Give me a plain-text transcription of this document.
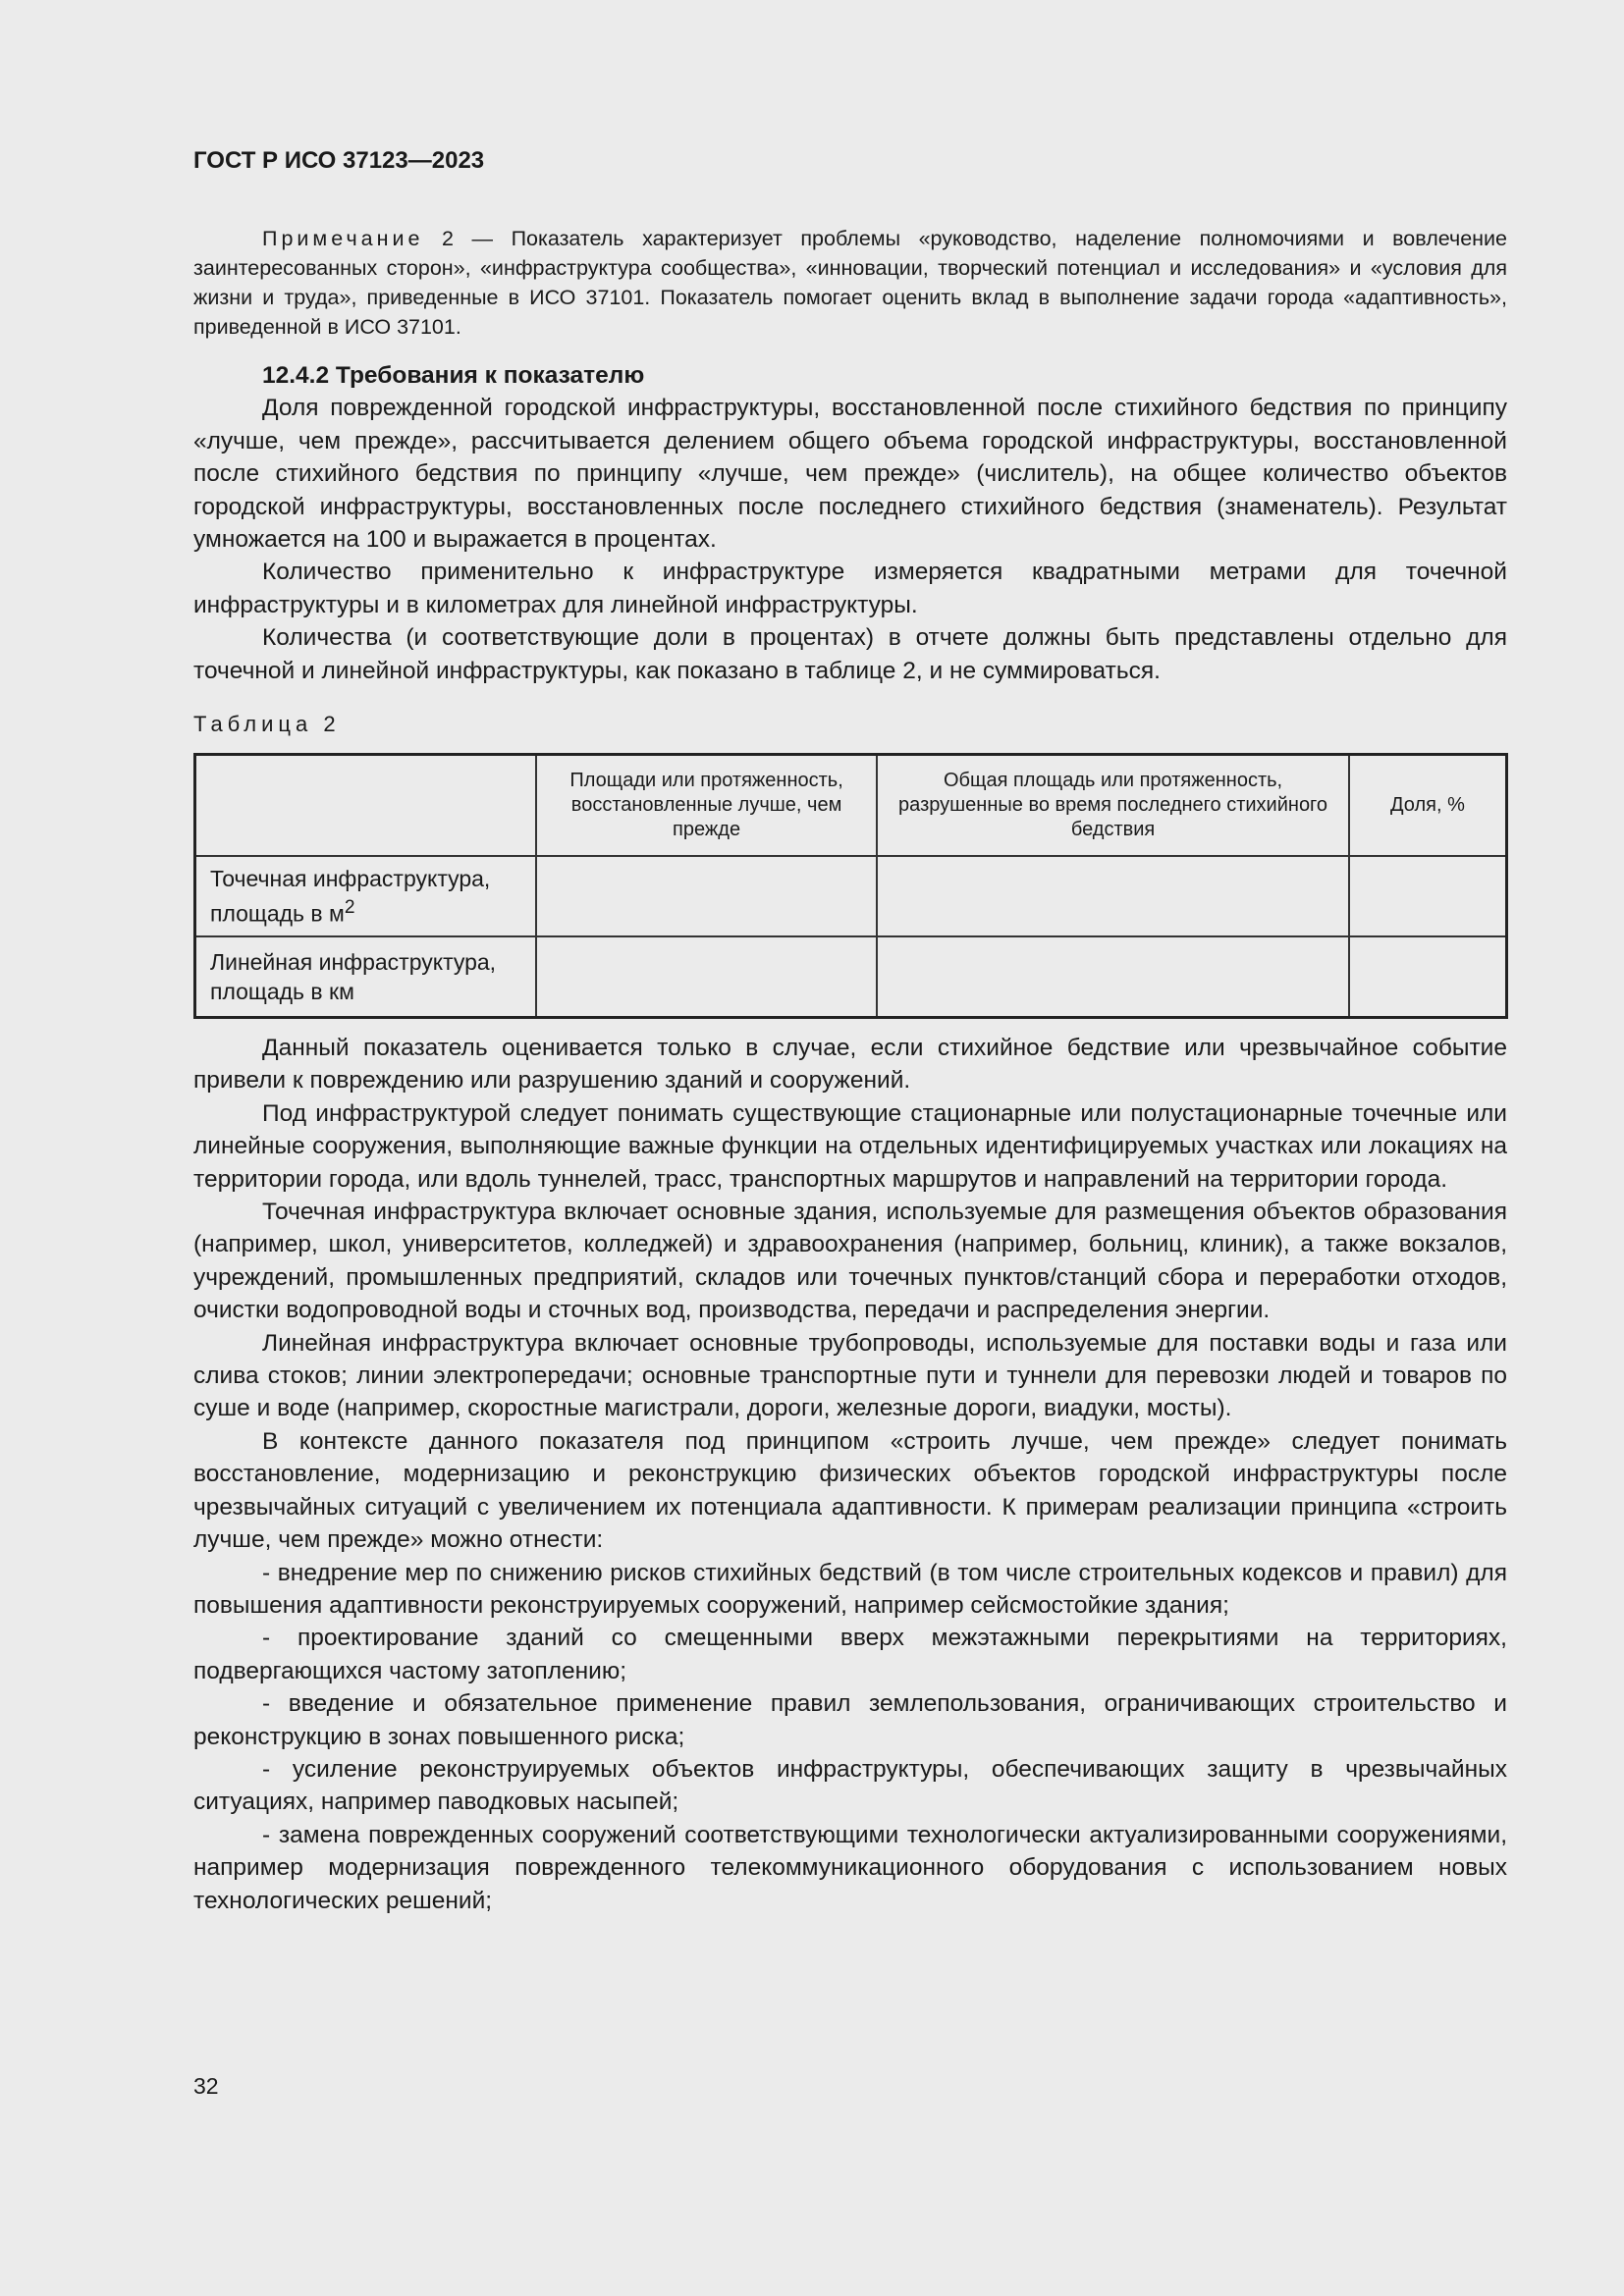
ГОСТ Р ИСО 37123—2023

Примечание 2 — Показатель характеризует проблемы «руководство, наделение полномочиями и вовлечение заинтересованных сторон», «инфраструктура сообщества», «инновации, творческий потенциал и исследования» и «условия для жизни и труда», приведенные в ИСО 37101. Показатель помогает оценить вклад в выполнение задачи города «адаптивность», приведенной в ИСО 37101.

12.4.2 Требования к показателю

Доля поврежденной городской инфраструктуры, восстановленной после стихийного бедствия по принципу «лучше, чем прежде», рассчитывается делением общего объема городской инфраструктуры, восстановленной после стихийного бедствия по принципу «лучше, чем прежде» (числитель), на общее количество объектов городской инфраструктуры, восстановленных после последнего стихийного бедствия (знаменатель). Результат умножается на 100 и выражается в процентах.

Количество применительно к инфраструктуре измеряется квадратными метрами для точечной инфраструктуры и в километрах для линейной инфраструктуры.

Количества (и соответствующие доли в процентах) в отчете должны быть представлены отдельно для точечной и линейной инфраструктуры, как показано в таблице 2, и не суммироваться.

Таблица 2
	Площади или протяженность, восстановленные лучше, чем прежде	Общая площадь или протяженность, разрушенные во время последнего стихийного бедствия	Доля, %
Точечная инфраструктура, площадь в $м^2$			
Линейная инфраструктура, площадь в км			

Данный показатель оценивается только в случае, если стихийное бедствие или чрезвычайное событие привели к повреждению или разрушению зданий и сооружений.

Под инфраструктурой следует понимать существующие стационарные или полустационарные точечные или линейные сооружения, выполняющие важные функции на отдельных идентифицируемых участках или локациях на территории города, или вдоль туннелей, трасс, транспортных маршрутов и направлений на территории города.

Точечная инфраструктура включает основные здания, используемые для размещения объектов образования (например, школ, университетов, колледжей) и здравоохранения (например, больниц, клиник), а также вокзалов, учреждений, промышленных предприятий, складов или точечных пунктов/станций сбора и переработки отходов, очистки водопроводной воды и сточных вод, производства, передачи и распределения энергии.

Линейная инфраструктура включает основные трубопроводы, используемые для поставки воды и газа или слива стоков; линии электропередачи; основные транспортные пути и туннели для перевозки людей и товаров по суше и воде (например, скоростные магистрали, дороги, железные дороги, виадуки, мосты).

В контексте данного показателя под принципом «строить лучше, чем прежде» следует понимать восстановление, модернизацию и реконструкцию физических объектов городской инфраструктуры после чрезвычайных ситуаций с увеличением их потенциала адаптивности. К примерам реализации принципа «строить лучше, чем прежде» можно отнести:

- внедрение мер по снижению рисков стихийных бедствий (в том числе строительных кодексов и правил) для повышения адаптивности реконструируемых сооружений, например сейсмостойкие здания;

- проектирование зданий со смещенными вверх межэтажными перекрытиями на территориях, подвергающихся частому затоплению;

- введение и обязательное применение правил землепользования, ограничивающих строительство и реконструкцию в зонах повышенного риска;

- усиление реконструируемых объектов инфраструктуры, обеспечивающих защиту в чрезвычайных ситуациях, например паводковых насыпей;

- замена поврежденных сооружений соответствующими технологически актуализированными сооружениями, например модернизация поврежденного телекоммуникационного оборудования с использованием новых технологических решений;

32
